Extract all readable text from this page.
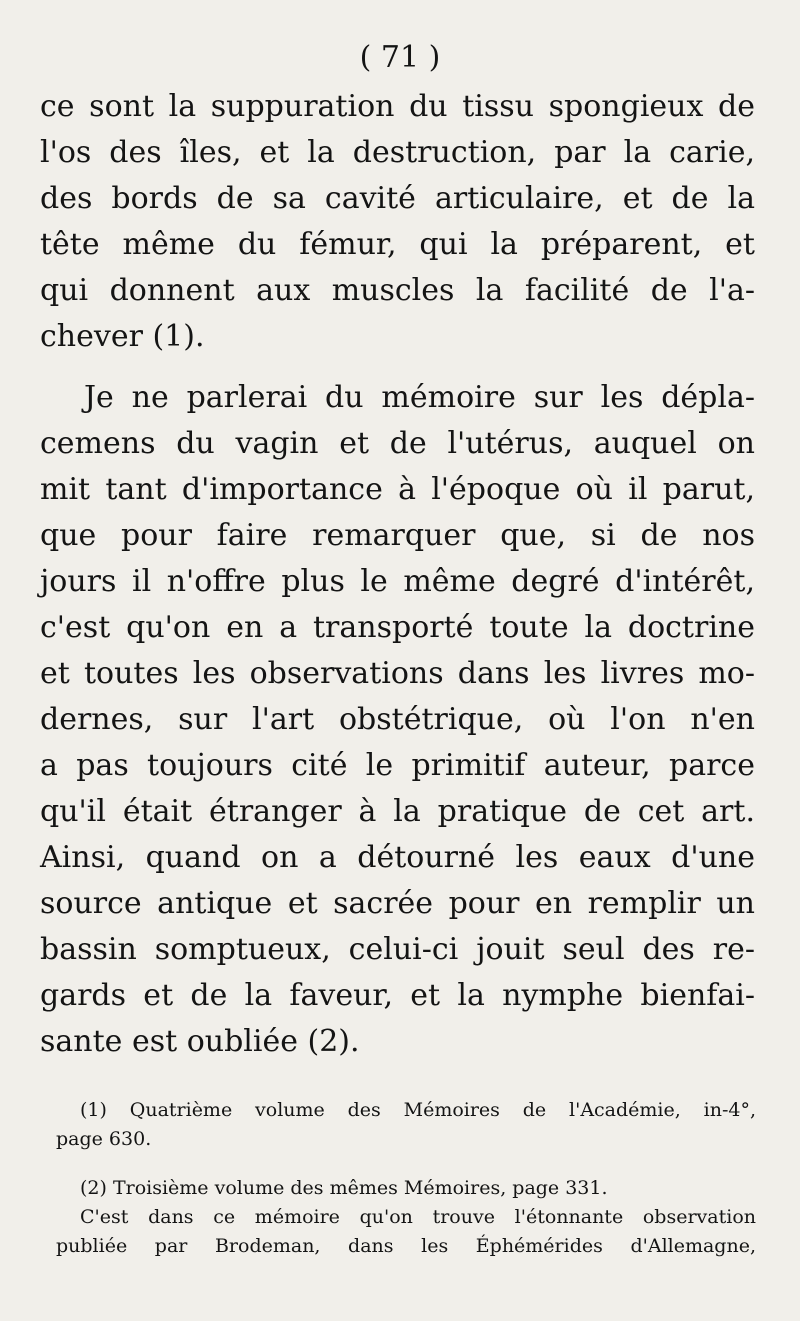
( 71 )
ce sont la suppuration du tissu spongieux de
l'os des îles, et la destruction, par la carie,
des bords de sa cavité articulaire, et de la
tête même du fémur, qui la préparent, et
qui donnent aux muscles la facilité de l'a-
chever (1).
Je ne parlerai du mémoire sur les dépla-
cemens du vagin et de l'utérus, auquel on
mit tant d'importance à l'époque où il parut,
que pour faire remarquer que, si de nos
jours il n'offre plus le même degré d'intérêt,
c'est qu'on en a transporté toute la doctrine
et toutes les observations dans les livres mo-
dernes, sur l'art obstétrique, où l'on n'en
a pas toujours cité le primitif auteur, parce
qu'il était étranger à la pratique de cet art.
Ainsi, quand on a détourné les eaux d'une
source antique et sacrée pour en remplir un
bassin somptueux, celui-ci jouit seul des re-
gards et de la faveur, et la nymphe bienfai-
sante est oubliée (2).
(1) Quatrième volume des Mémoires de l'Académie, in-4°,
page 630.
(2) Troisième volume des mêmes Mémoires, page 331.
C'est dans ce mémoire qu'on trouve l'étonnante observation
publiée par Brodeman, dans les Éphémérides d'Allemagne,
